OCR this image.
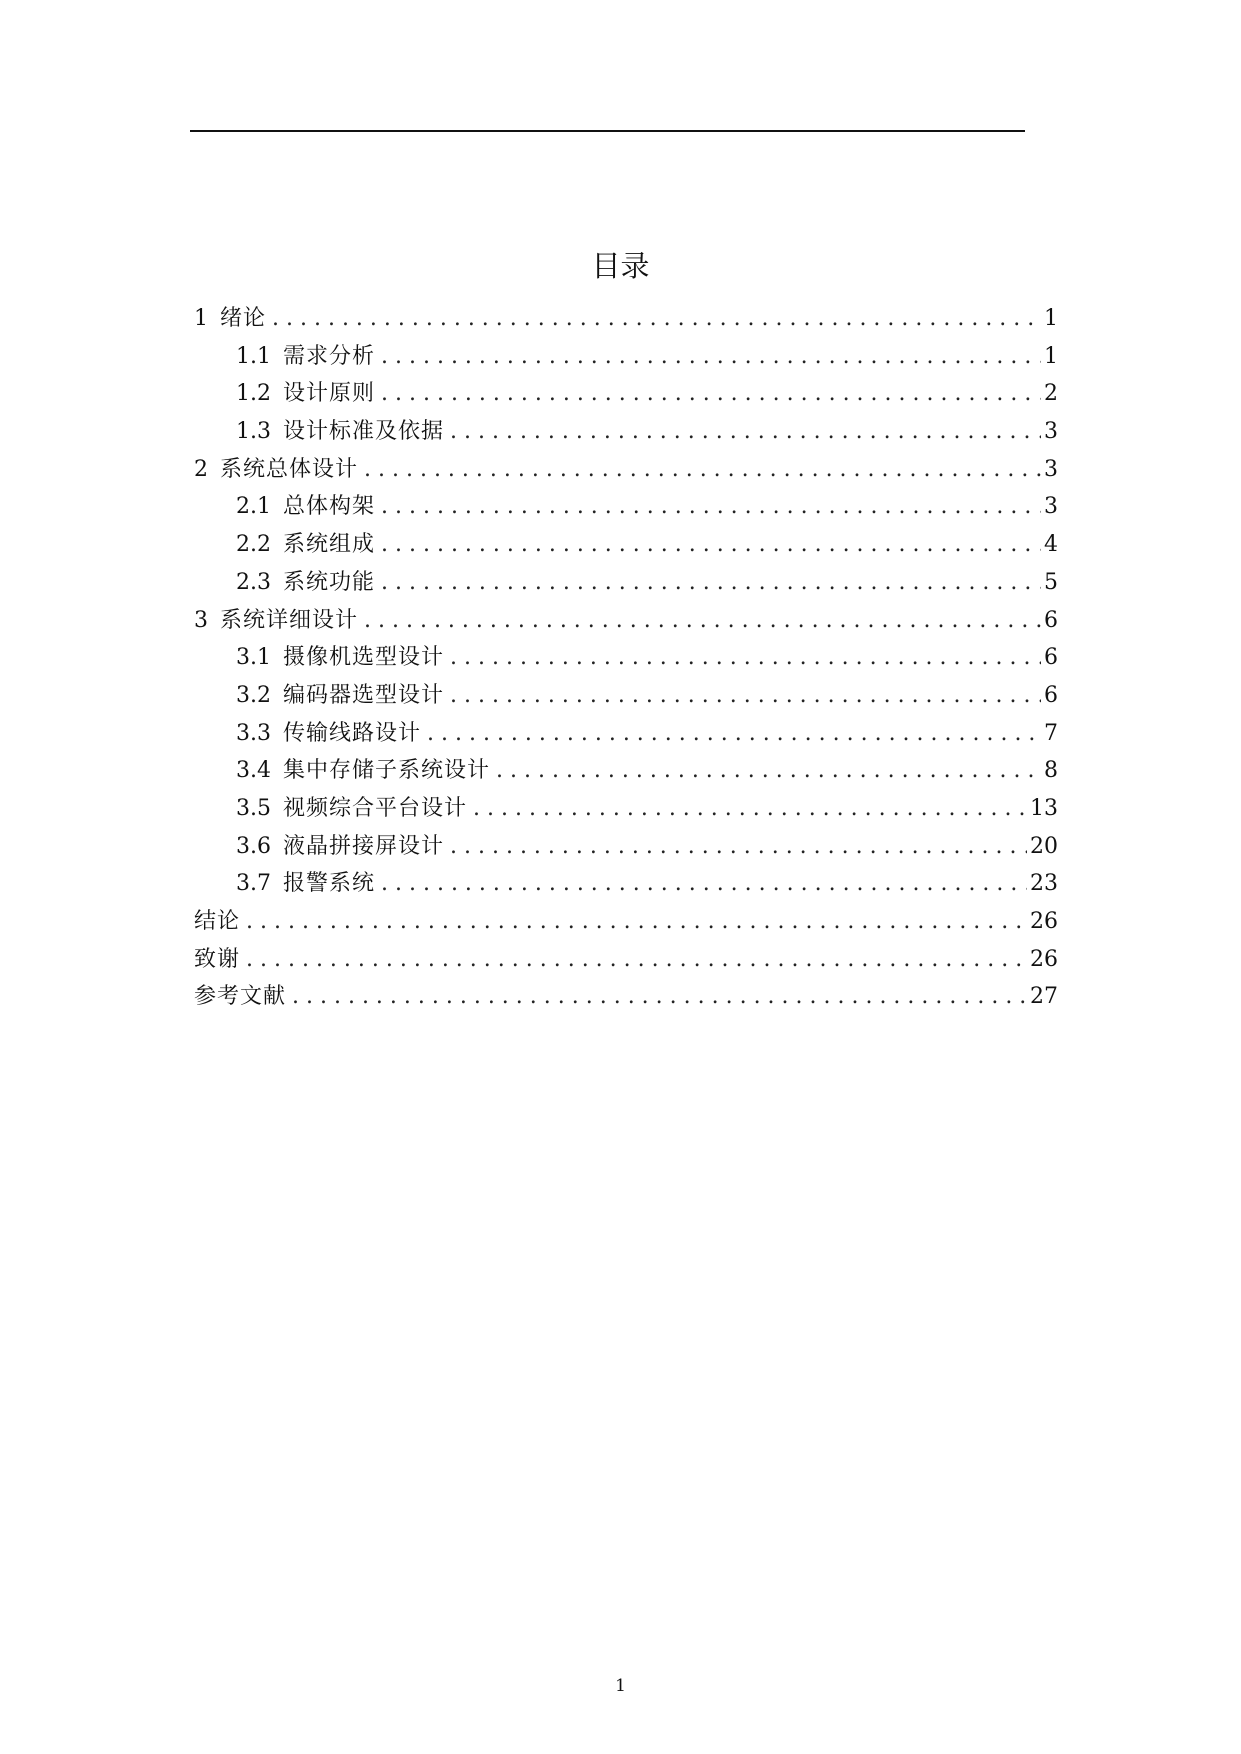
目录
1 绪论 . . .	1
1.1 需求分析 . . .	1
1.2 设计原则 . . .	2
1.3 设计标准及依据 . . .	3
2 系统总体设计 . . .	3
2.1 总体构架 . . .	3
2.2 系统组成 . . .	4
2.3 系统功能 . . .	5
3 系统详细设计 . . .	6
3.1 摄像机选型设计 . . .	6
3.2 编码器选型设计 . . .	6
3.3 传输线路设计 . . .	7
3.4 集中存储子系统设计 . . .	8
3.5 视频综合平台设计 . . .	13
3.6 液晶拼接屏设计 . . .	20
3.7 报警系统 . . .	23
结论 . . .	26
致谢 . . .	26
参考文献 . . .	27
1
